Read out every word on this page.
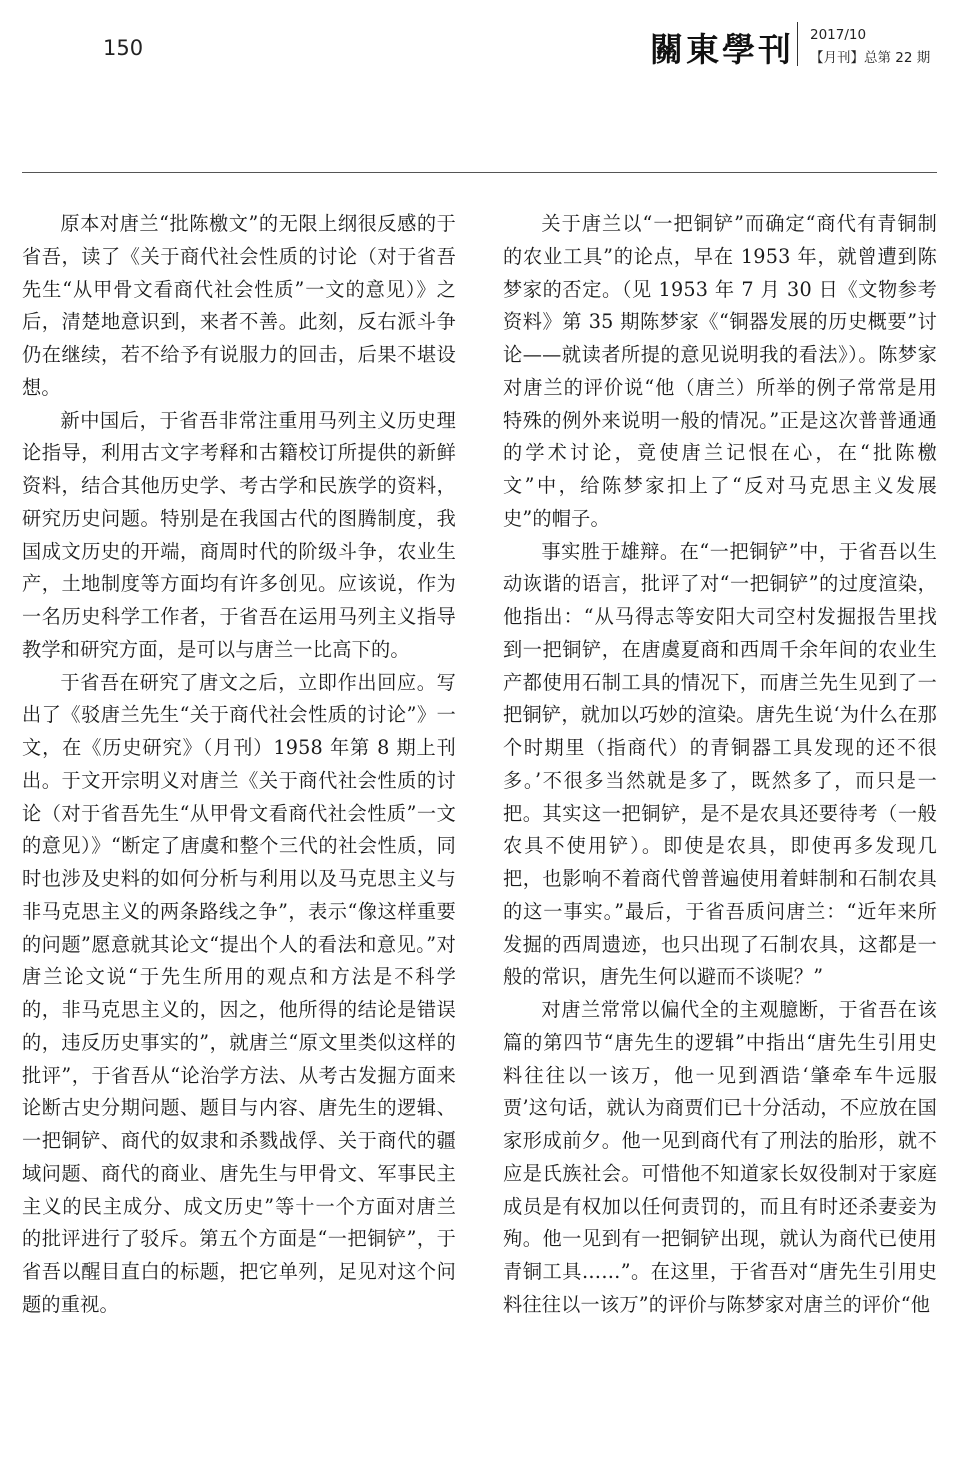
150	關東學刊 2017/10
【月刊】总第 22 期

原本对唐兰“批陈檄文”的无限上纲很反感的于省吾，读了《关于商代社会性质的讨论（对于省吾先生“从甲骨文看商代社会性质”一文的意见）》之后，清楚地意识到，来者不善。此刻，反右派斗争仍在继续，若不给予有说服力的回击，后果不堪设想。

新中国后，于省吾非常注重用马列主义历史理论指导，利用古文字考释和古籍校订所提供的新鲜资料，结合其他历史学、考古学和民族学的资料，研究历史问题。特别是在我国古代的图腾制度，我国成文历史的开端，商周时代的阶级斗争，农业生产，土地制度等方面均有许多创见。应该说，作为一名历史科学工作者，于省吾在运用马列主义指导教学和研究方面，是可以与唐兰一比高下的。

于省吾在研究了唐文之后，立即作出回应。写出了《驳唐兰先生“关于商代社会性质的讨论”》一文，在《历史研究》（月刊）1958 年第 8 期上刊出。于文开宗明义对唐兰《关于商代社会性质的讨论（对于省吾先生“从甲骨文看商代社会性质”一文的意见）》“断定了唐虞和整个三代的社会性质，同时也涉及史料的如何分析与利用以及马克思主义与非马克思主义的两条路线之争”，表示“像这样重要的问题”愿意就其论文“提出个人的看法和意见。”对唐兰论文说“于先生所用的观点和方法是不科学的，非马克思主义的，因之，他所得的结论是错误的，违反历史事实的”，就唐兰“原文里类似这样的批评”，于省吾从“论治学方法、从考古发掘方面来论断古史分期问题、题目与内容、唐先生的逻辑、一把铜铲、商代的奴隶和杀戮战俘、关于商代的疆域问题、商代的商业、唐先生与甲骨文、军事民主主义的民主成分、成文历史”等十一个方面对唐兰的批评进行了驳斥。第五个方面是“一把铜铲”，于省吾以醒目直白的标题，把它单列，足见对这个问题的重视。

关于唐兰以“一把铜铲”而确定“商代有青铜制的农业工具”的论点，早在 1953 年，就曾遭到陈梦家的否定。（见 1953 年 7 月 30 日《文物参考资料》第 35 期陈梦家《“铜器发展的历史概要”讨论——就读者所提的意见说明我的看法》）。陈梦家对唐兰的评价说“他（唐兰）所举的例子常常是用特殊的例外来说明一般的情况。”正是这次普普通通的学术讨论，竟使唐兰记恨在心，在“批陈檄文”中，给陈梦家扣上了“反对马克思主义发展史”的帽子。

事实胜于雄辩。在“一把铜铲”中，于省吾以生动诙谐的语言，批评了对“一把铜铲”的过度渲染，他指出：“从马得志等安阳大司空村发掘报告里找到一把铜铲，在唐虞夏商和西周千余年间的农业生产都使用石制工具的情况下，而唐兰先生见到了一把铜铲，就加以巧妙的渲染。唐先生说‘为什么在那个时期里（指商代）的青铜器工具发现的还不很多。’不很多当然就是多了，既然多了，而只是一把。其实这一把铜铲，是不是农具还要待考（一般农具不使用铲）。即使是农具，即使再多发现几把，也影响不着商代曾普遍使用着蚌制和石制农具的这一事实。”最后，于省吾质问唐兰：“近年来所发掘的西周遗迹，也只出现了石制农具，这都是一般的常识，唐先生何以避而不谈呢？”

对唐兰常常以偏代全的主观臆断，于省吾在该篇的第四节“唐先生的逻辑”中指出“唐先生引用史料往往以一该万，他一见到酒诰‘肇牵车牛远服贾’这句话，就认为商贾们已十分活动，不应放在国家形成前夕。他一见到商代有了刑法的胎形，就不应是氏族社会。可惜他不知道家长奴役制对于家庭成员是有权加以任何责罚的，而且有时还杀妻妾为殉。他一见到有一把铜铲出现，就认为商代已使用青铜工具……”。在这里，于省吾对“唐先生引用史料往往以一该万”的评价与陈梦家对唐兰的评价“他
